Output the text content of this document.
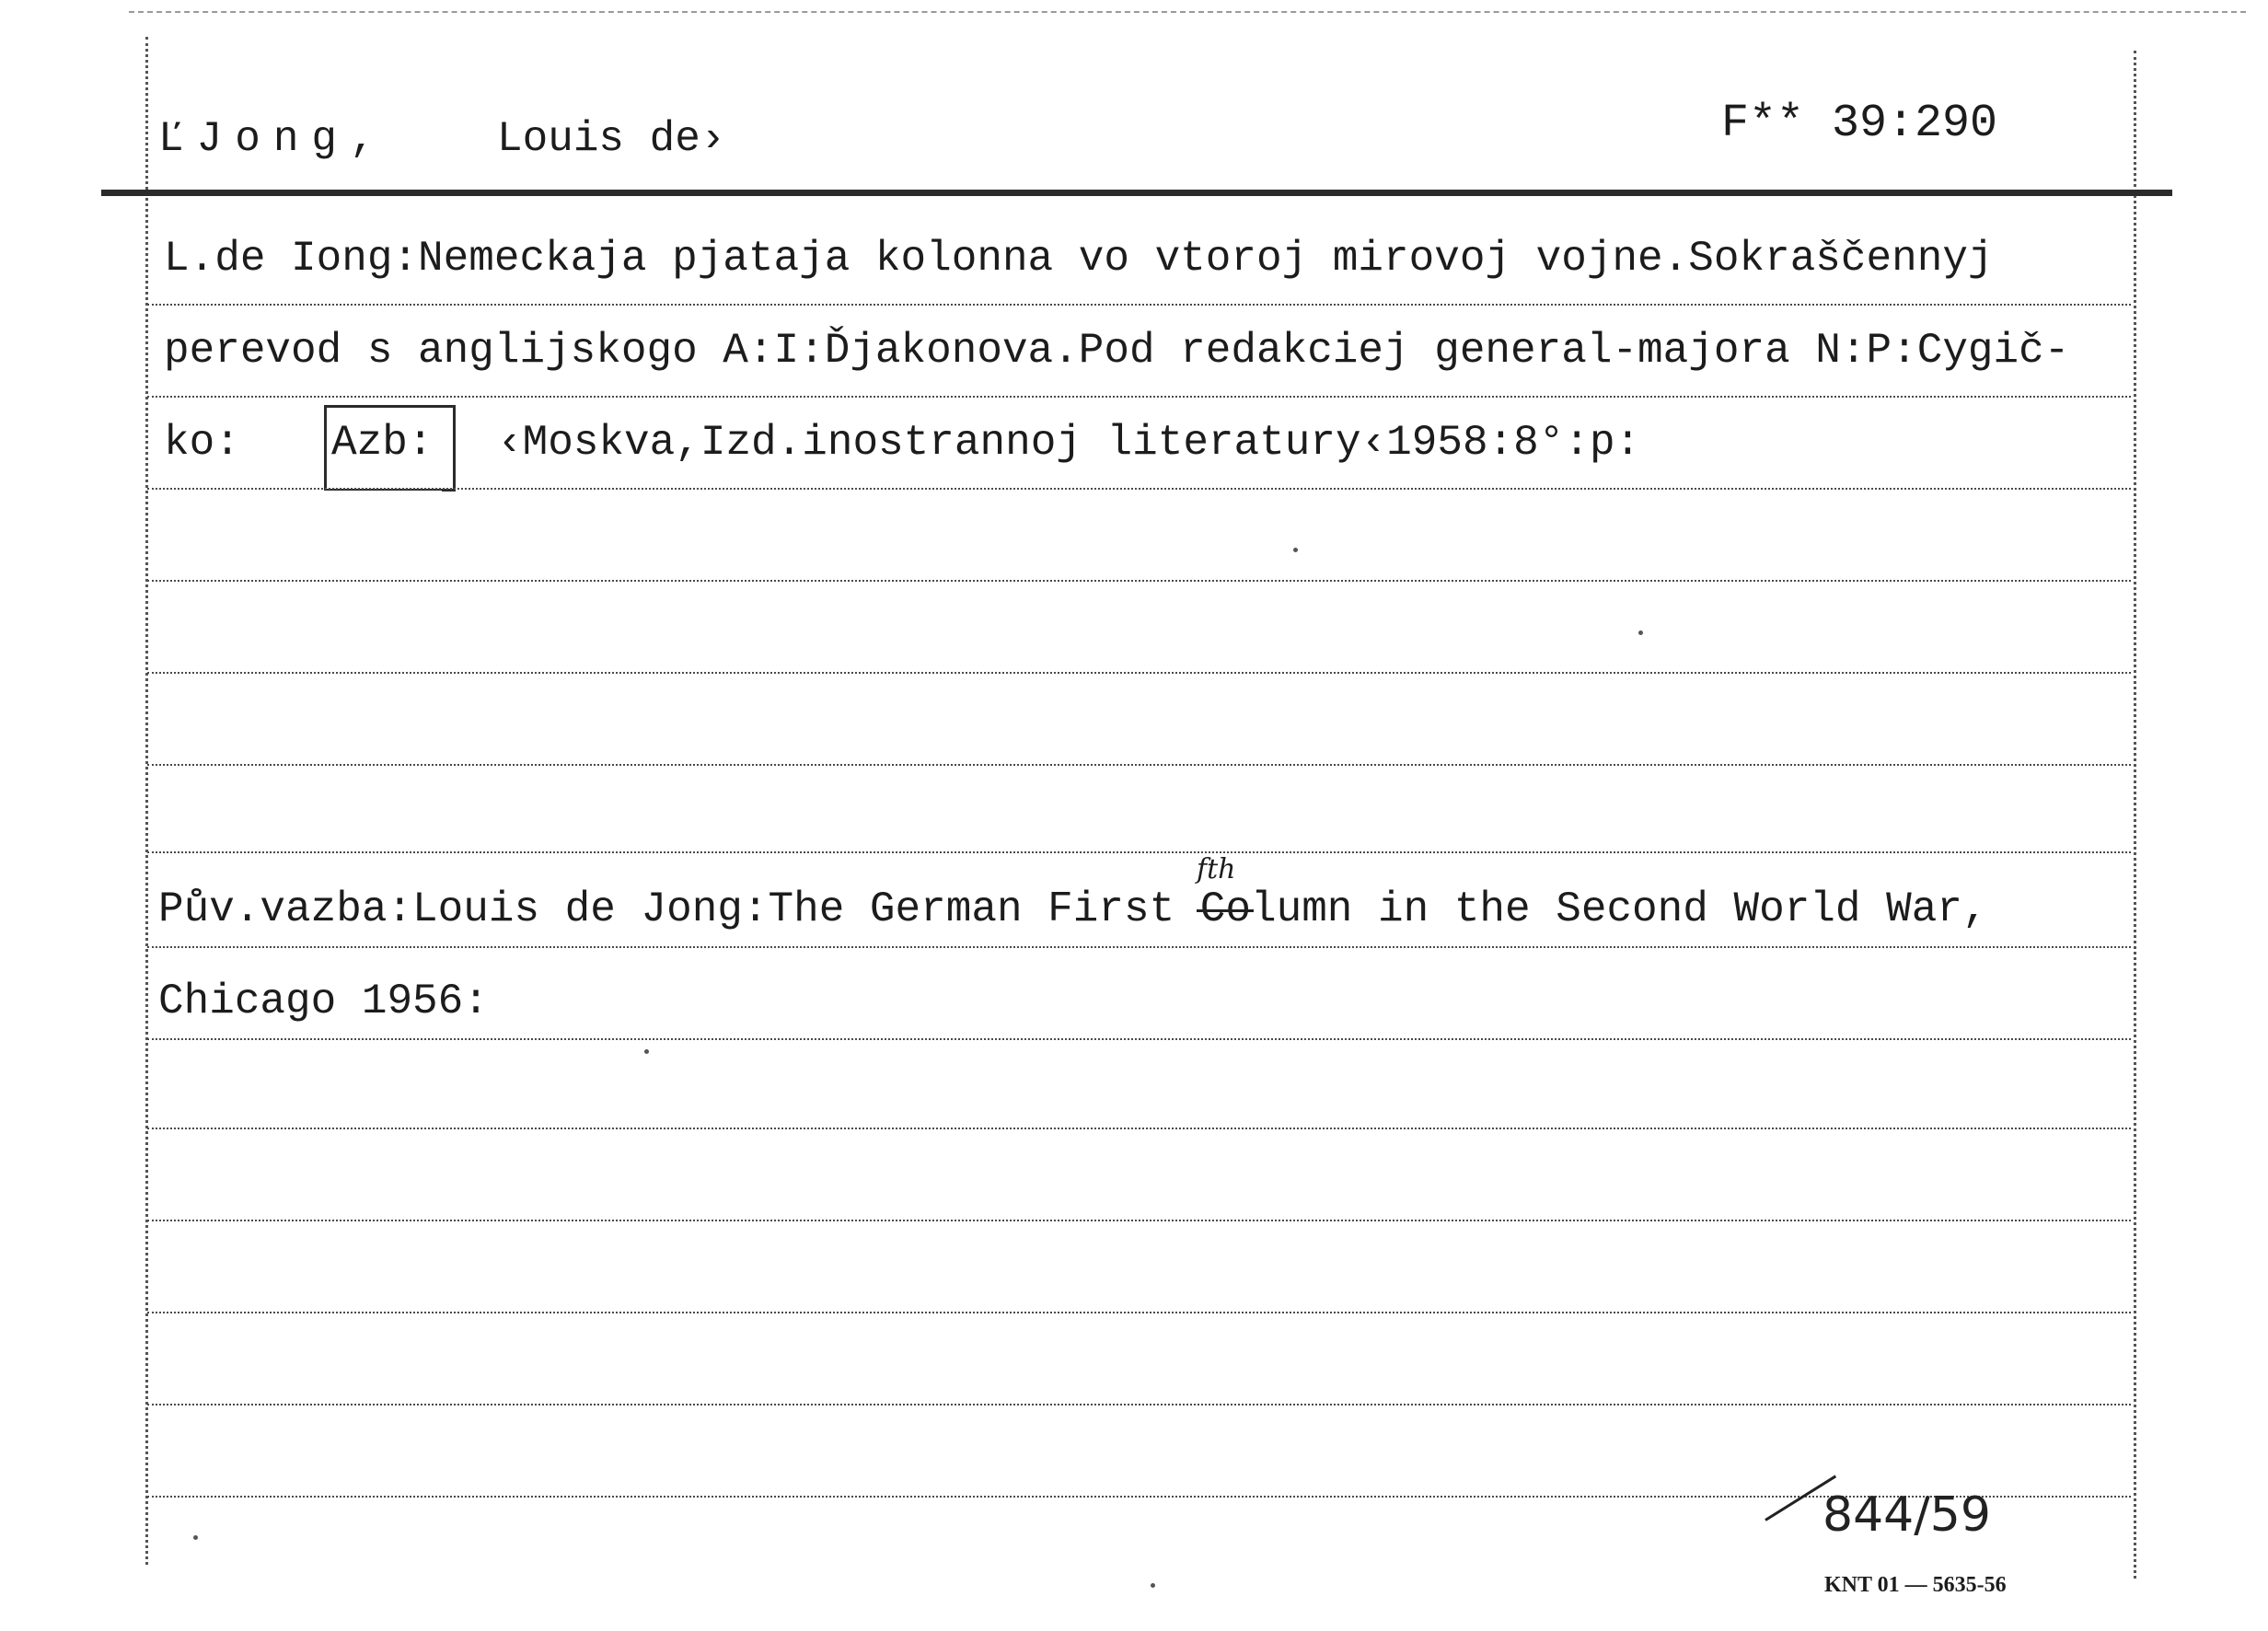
ĽJong,	Louis de›	F** 39:290
L.de Iong:Nemeckaja pjataja kolonna vo vtoroj mirovoj vojne.Sokraščennyj
perevod s anglijskogo A:I:Ďjakonova.Pod redakciej general-majora N:P:Cygič-
ko: Azb: ‹Moskva,Izd.inostrannoj literatury‹1958:8°:p:
fth
Pův.vazba:Louis de Jong:The German First Column in the Second World War,
Chicago 1956:
844/59
KNT 01 — 5635-56
